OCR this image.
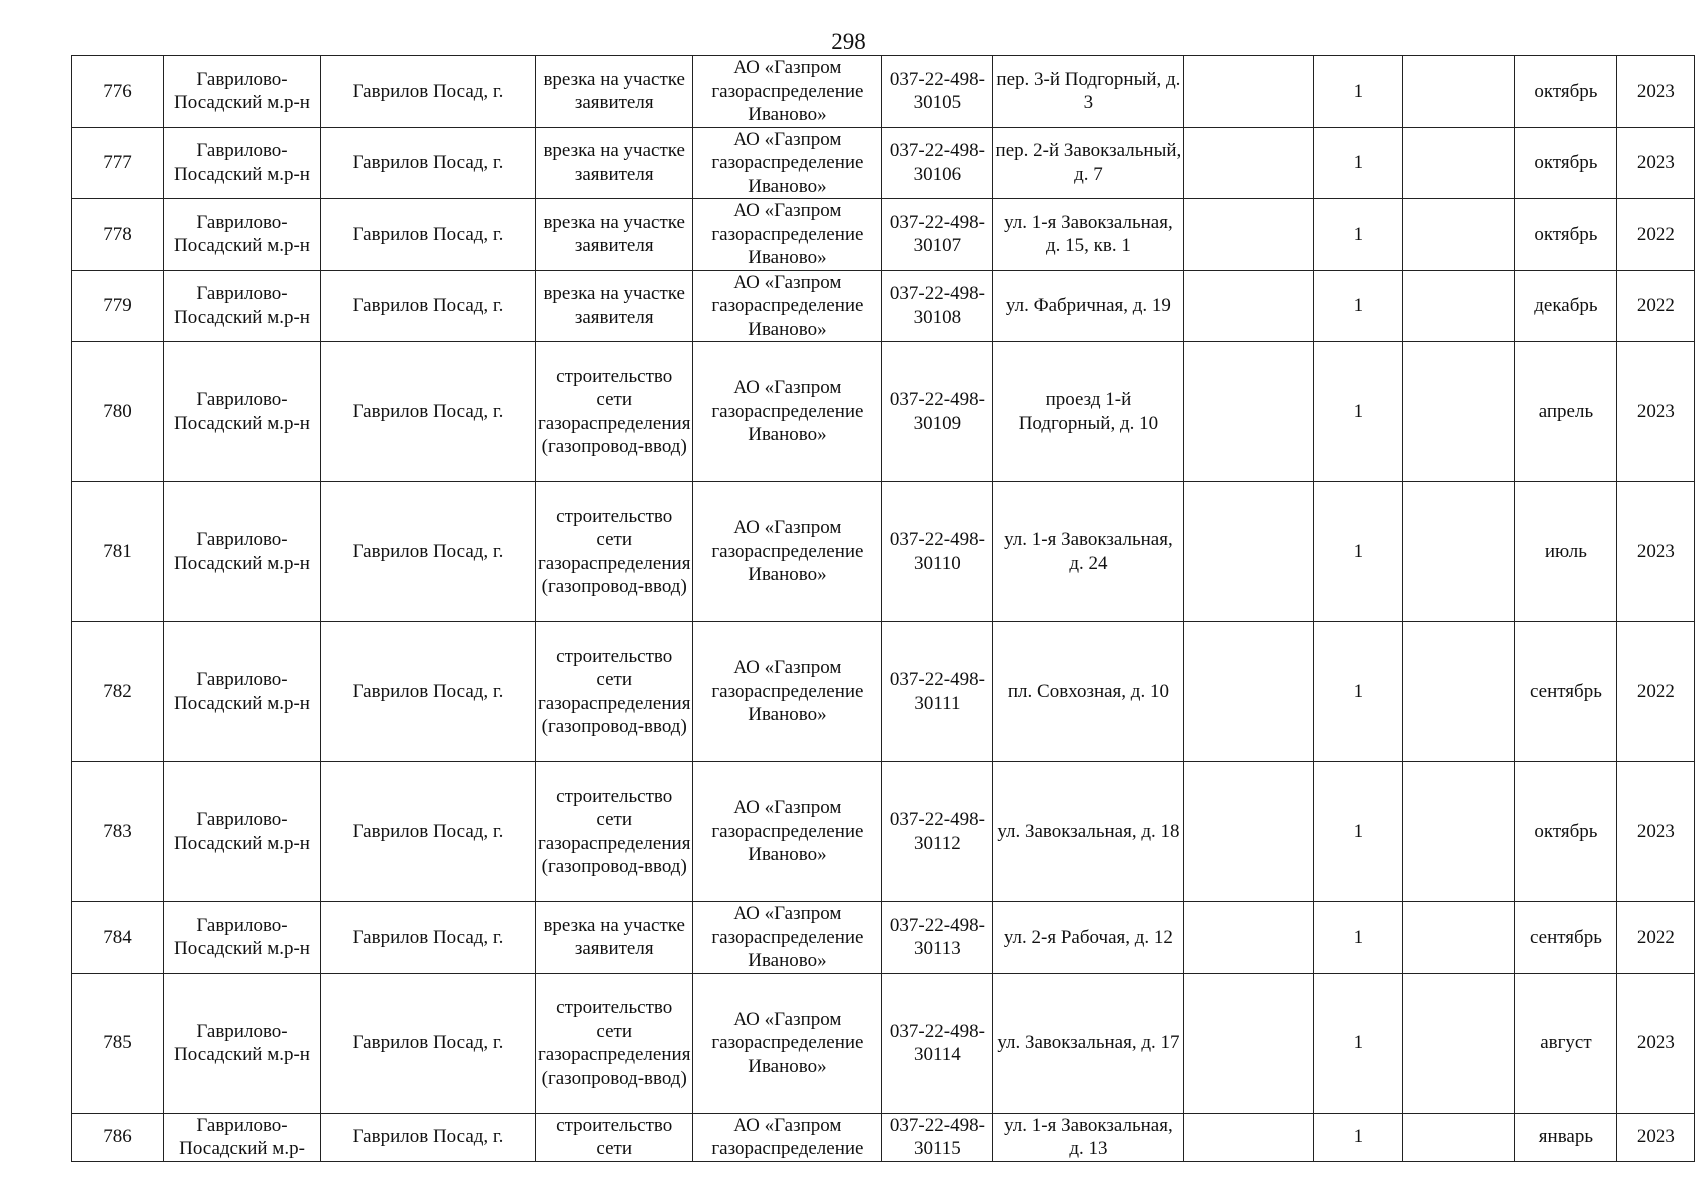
298
776	Гаврилово-Посадский м.р-н	Гаврилов Посад, г.	врезка на участке заявителя	АО «Газпром газораспределение Иваново»	037-22-498-30105	пер. 3-й Подгорный, д. 3		1		октябрь	2023
777	Гаврилово-Посадский м.р-н	Гаврилов Посад, г.	врезка на участке заявителя	АО «Газпром газораспределение Иваново»	037-22-498-30106	пер. 2-й Завокзальный, д. 7		1		октябрь	2023
778	Гаврилово-Посадский м.р-н	Гаврилов Посад, г.	врезка на участке заявителя	АО «Газпром газораспределение Иваново»	037-22-498-30107	ул. 1-я Завокзальная, д. 15, кв. 1		1		октябрь	2022
779	Гаврилово-Посадский м.р-н	Гаврилов Посад, г.	врезка на участке заявителя	АО «Газпром газораспределение Иваново»	037-22-498-30108	ул. Фабричная, д. 19		1		декабрь	2022
780	Гаврилово-Посадский м.р-н	Гаврилов Посад, г.	строительство сети газораспределения (газопровод-ввод)	АО «Газпром газораспределение Иваново»	037-22-498-30109	проезд 1-й Подгорный, д. 10		1		апрель	2023
781	Гаврилово-Посадский м.р-н	Гаврилов Посад, г.	строительство сети газораспределения (газопровод-ввод)	АО «Газпром газораспределение Иваново»	037-22-498-30110	ул. 1-я Завокзальная, д. 24		1		июль	2023
782	Гаврилово-Посадский м.р-н	Гаврилов Посад, г.	строительство сети газораспределения (газопровод-ввод)	АО «Газпром газораспределение Иваново»	037-22-498-30111	пл. Совхозная, д. 10		1		сентябрь	2022
783	Гаврилово-Посадский м.р-н	Гаврилов Посад, г.	строительство сети газораспределения (газопровод-ввод)	АО «Газпром газораспределение Иваново»	037-22-498-30112	ул. Завокзальная, д. 18		1		октябрь	2023
784	Гаврилово-Посадский м.р-н	Гаврилов Посад, г.	врезка на участке заявителя	АО «Газпром газораспределение Иваново»	037-22-498-30113	ул. 2-я Рабочая, д. 12		1		сентябрь	2022
785	Гаврилово-Посадский м.р-н	Гаврилов Посад, г.	строительство сети газораспределения (газопровод-ввод)	АО «Газпром газораспределение Иваново»	037-22-498-30114	ул. Завокзальная, д. 17		1		август	2023
786	Гаврилово-Посадский м.р-	Гаврилов Посад, г.	строительство сети	АО «Газпром газораспределение	037-22-498-30115	ул. 1-я Завокзальная, д. 13		1		январь	2023
